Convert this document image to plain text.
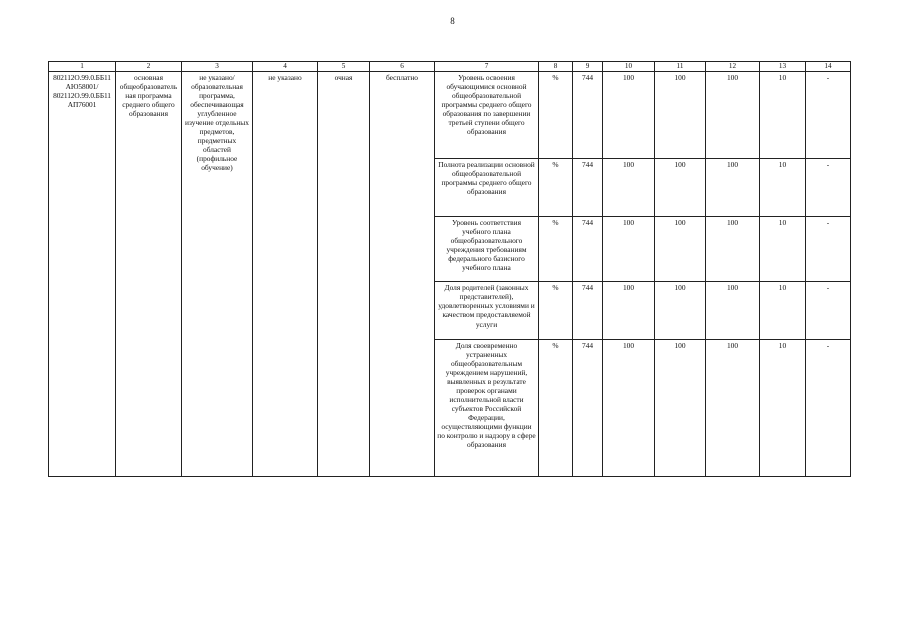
8
1	2	3	4	5	6	7	8	9	10	11	12	13	14
802112О.99.0.ББ11АЮ58001/ 802112О.99.0.ББ11АП76001	основная общеобразовательная программа среднего общего образования	не указано/ образовательная программа, обеспечивающая углубленное изучение отдельных предметов, предметных областей (профильное обучение)	не указано	очная	бесплатно	Уровень освоения обучающимися основной общеобразовательной программы среднего общего образования по завершении третьей ступени общего образования	%	744	100	100	100	10	-
						Полнота реализации основной общеобразовательной программы среднего общего образования	%	744	100	100	100	10	-
						Уровень соответствия учебного плана общеобразовательного учреждения требованиям федерального базисного учебного плана	%	744	100	100	100	10	-
						Доля родителей (законных представителей), удовлетворенных условиями и качеством предоставляемой услуги	%	744	100	100	100	10	-
						Доля своевременно устраненных общеобразовательным учреждением нарушений, выявленных в результате проверок органами исполнительной власти субъектов Российской Федерации, осуществляющими функции по контролю и надзору в сфере образования	%	744	100	100	100	10	-
